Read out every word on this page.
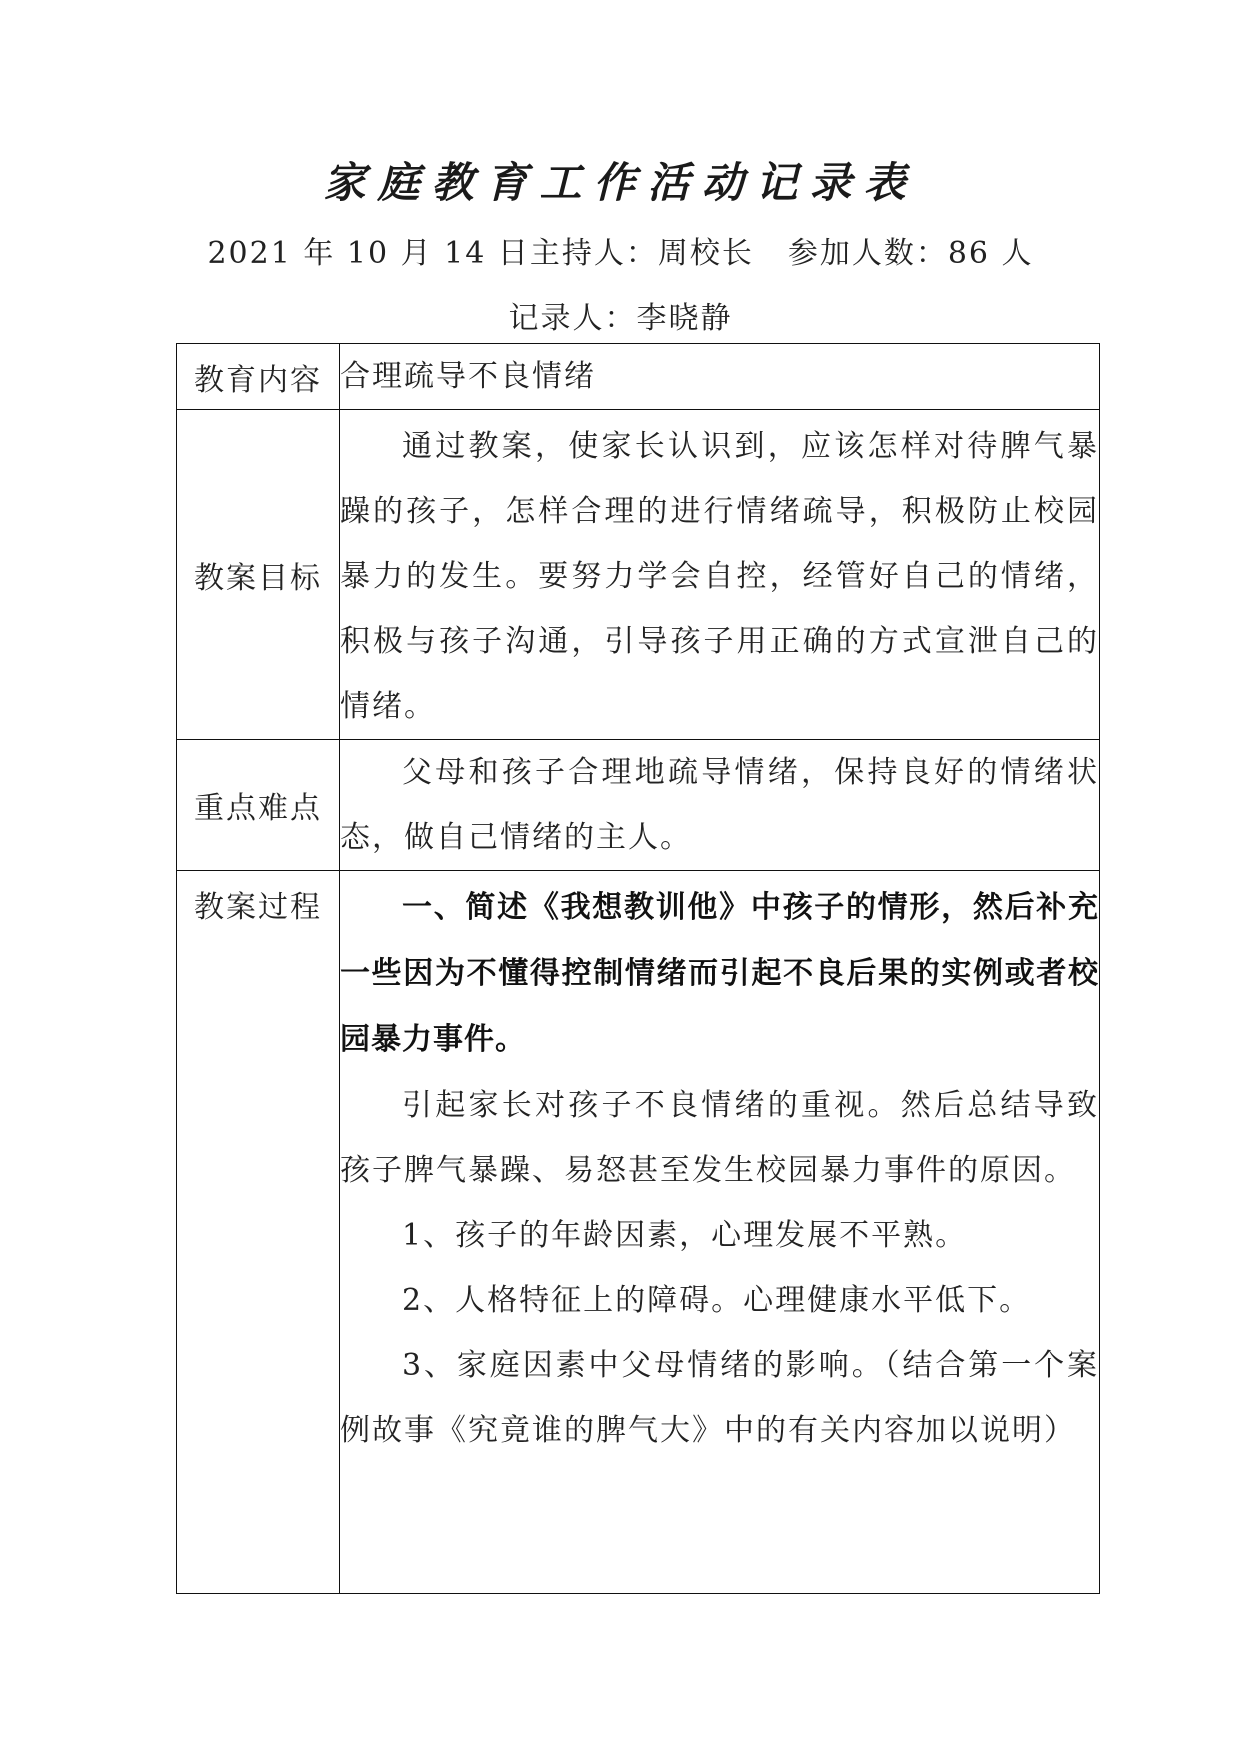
家庭教育工作活动记录表
2021 年 10 月 14 日主持人：周校长 参加人数：86 人
记录人：李晓静
教育内容	合理疏导不良情绪

教案目标	通过教案，使家长认识到，应该怎样对待脾气暴躁的孩子，怎样合理的进行情绪疏导，积极防止校园暴力的发生。要努力学会自控，经管好自己的情绪，积极与孩子沟通，引导孩子用正确的方式宣泄自己的情绪。

重点难点	父母和孩子合理地疏导情绪，保持良好的情绪状态，做自己情绪的主人。

教案过程	一、简述《我想教训他》中孩子的情形，然后补充一些因为不懂得控制情绪而引起不良后果的实例或者校园暴力事件。

引起家长对孩子不良情绪的重视。然后总结导致孩子脾气暴躁、易怒甚至发生校园暴力事件的原因。

1、孩子的年龄因素，心理发展不平熟。

2、人格特征上的障碍。心理健康水平低下。

3、家庭因素中父母情绪的影响。（结合第一个案例故事《究竟谁的脾气大》中的有关内容加以说明）
